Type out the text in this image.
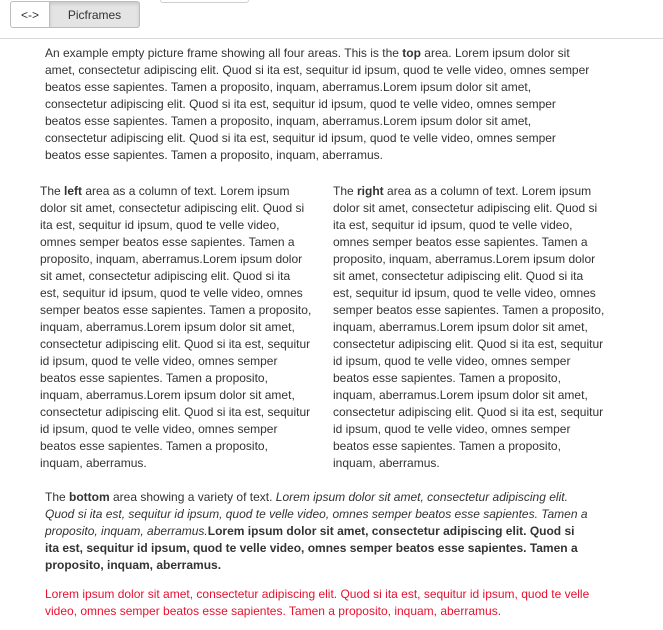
<->	Picframes

An example empty picture frame showing all four areas. This is the top area. Lorem ipsum dolor sit amet, consectetur adipiscing elit. Quod si ita est, sequitur id ipsum, quod te velle video, omnes semper beatos esse sapientes. Tamen a proposito, inquam, aberramus.Lorem ipsum dolor sit amet, consectetur adipiscing elit. Quod si ita est, sequitur id ipsum, quod te velle video, omnes semper beatos esse sapientes. Tamen a proposito, inquam, aberramus.Lorem ipsum dolor sit amet, consectetur adipiscing elit. Quod si ita est, sequitur id ipsum, quod te velle video, omnes semper beatos esse sapientes. Tamen a proposito, inquam, aberramus.

The left area as a column of text. Lorem ipsum dolor sit amet, consectetur adipiscing elit. Quod si ita est, sequitur id ipsum, quod te velle video, omnes semper beatos esse sapientes. Tamen a proposito, inquam, aberramus.Lorem ipsum dolor sit amet, consectetur adipiscing elit. Quod si ita est, sequitur id ipsum, quod te velle video, omnes semper beatos esse sapientes. Tamen a proposito, inquam, aberramus.Lorem ipsum dolor sit amet, consectetur adipiscing elit. Quod si ita est, sequitur id ipsum, quod te velle video, omnes semper beatos esse sapientes. Tamen a proposito, inquam, aberramus.Lorem ipsum dolor sit amet, consectetur adipiscing elit. Quod si ita est, sequitur id ipsum, quod te velle video, omnes semper beatos esse sapientes. Tamen a proposito, inquam, aberramus.

The right area as a column of text. Lorem ipsum dolor sit amet, consectetur adipiscing elit. Quod si ita est, sequitur id ipsum, quod te velle video, omnes semper beatos esse sapientes. Tamen a proposito, inquam, aberramus.Lorem ipsum dolor sit amet, consectetur adipiscing elit. Quod si ita est, sequitur id ipsum, quod te velle video, omnes semper beatos esse sapientes. Tamen a proposito, inquam, aberramus.Lorem ipsum dolor sit amet, consectetur adipiscing elit. Quod si ita est, sequitur id ipsum, quod te velle video, omnes semper beatos esse sapientes. Tamen a proposito, inquam, aberramus.Lorem ipsum dolor sit amet, consectetur adipiscing elit. Quod si ita est, sequitur id ipsum, quod te velle video, omnes semper beatos esse sapientes. Tamen a proposito, inquam, aberramus.

The bottom area showing a variety of text. Lorem ipsum dolor sit amet, consectetur adipiscing elit. Quod si ita est, sequitur id ipsum, quod te velle video, omnes semper beatos esse sapientes. Tamen a proposito, inquam, aberramus.Lorem ipsum dolor sit amet, consectetur adipiscing elit. Quod si ita est, sequitur id ipsum, quod te velle video, omnes semper beatos esse sapientes. Tamen a proposito, inquam, aberramus.

Lorem ipsum dolor sit amet, consectetur adipiscing elit. Quod si ita est, sequitur id ipsum, quod te velle video, omnes semper beatos esse sapientes. Tamen a proposito, inquam, aberramus.
